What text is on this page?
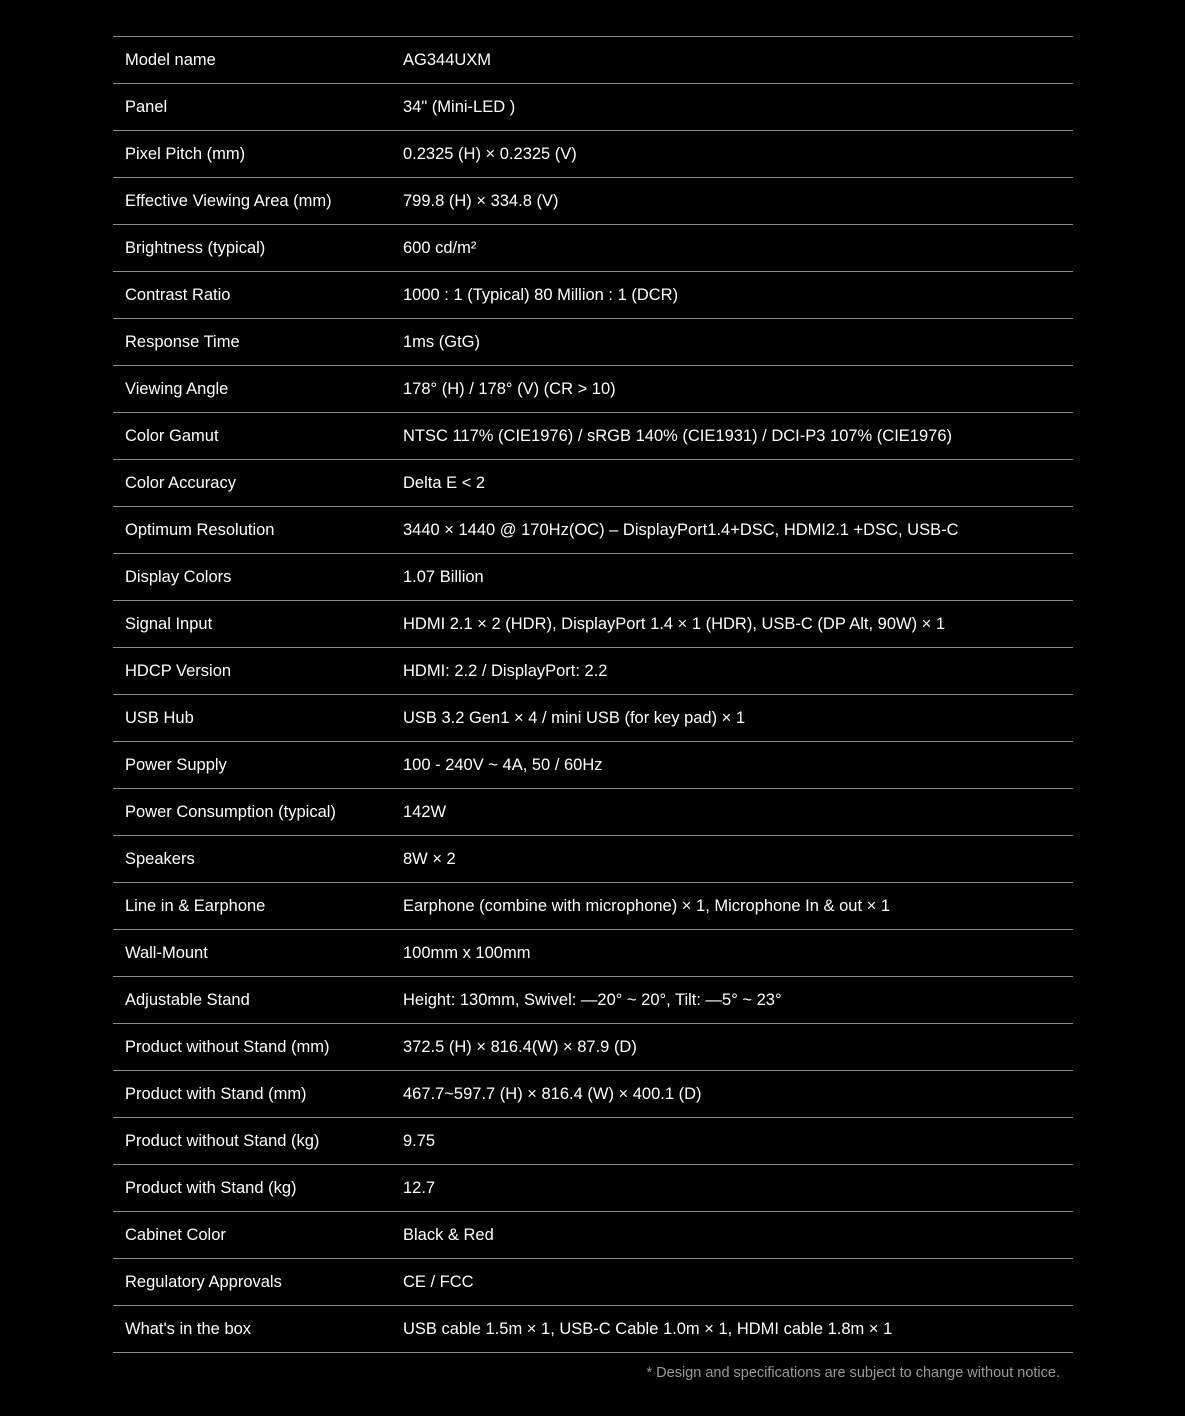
Model name	AG344UXM
Panel	34" (Mini-LED )
Pixel Pitch (mm)	0.2325 (H) × 0.2325 (V)
Effective Viewing Area (mm)	799.8 (H) × 334.8 (V)
Brightness (typical)	600 cd/m²
Contrast Ratio	1000 : 1 (Typical) 80 Million : 1 (DCR)
Response Time	1ms (GtG)
Viewing Angle	178° (H) / 178° (V) (CR > 10)
Color Gamut	NTSC 117% (CIE1976) / sRGB 140% (CIE1931) / DCI-P3 107% (CIE1976)
Color Accuracy	Delta E < 2
Optimum Resolution	3440 × 1440 @ 170Hz(OC) – DisplayPort1.4+DSC, HDMI2.1 +DSC, USB-C
Display Colors	1.07 Billion
Signal Input	HDMI 2.1 × 2 (HDR), DisplayPort 1.4 × 1 (HDR), USB-C (DP Alt, 90W) × 1
HDCP Version	HDMI: 2.2 / DisplayPort: 2.2
USB Hub	USB 3.2 Gen1 × 4 / mini USB (for key pad) × 1
Power Supply	100 - 240V ~ 4A, 50 / 60Hz
Power Consumption (typical)	142W
Speakers	8W × 2
Line in & Earphone	Earphone (combine with microphone) × 1, Microphone In & out × 1
Wall-Mount	100mm x 100mm
Adjustable Stand	Height: 130mm, Swivel: —20° ~ 20°, Tilt: —5° ~ 23°
Product without Stand (mm)	372.5 (H) × 816.4(W) × 87.9 (D)
Product with Stand (mm)	467.7~597.7 (H) × 816.4 (W) × 400.1 (D)
Product without Stand (kg)	9.75
Product with Stand (kg)	12.7
Cabinet Color	Black & Red
Regulatory Approvals	CE / FCC
What's in the box	USB cable 1.5m × 1, USB-C Cable 1.0m × 1, HDMI cable 1.8m × 1
* Design and specifications are subject to change without notice.
